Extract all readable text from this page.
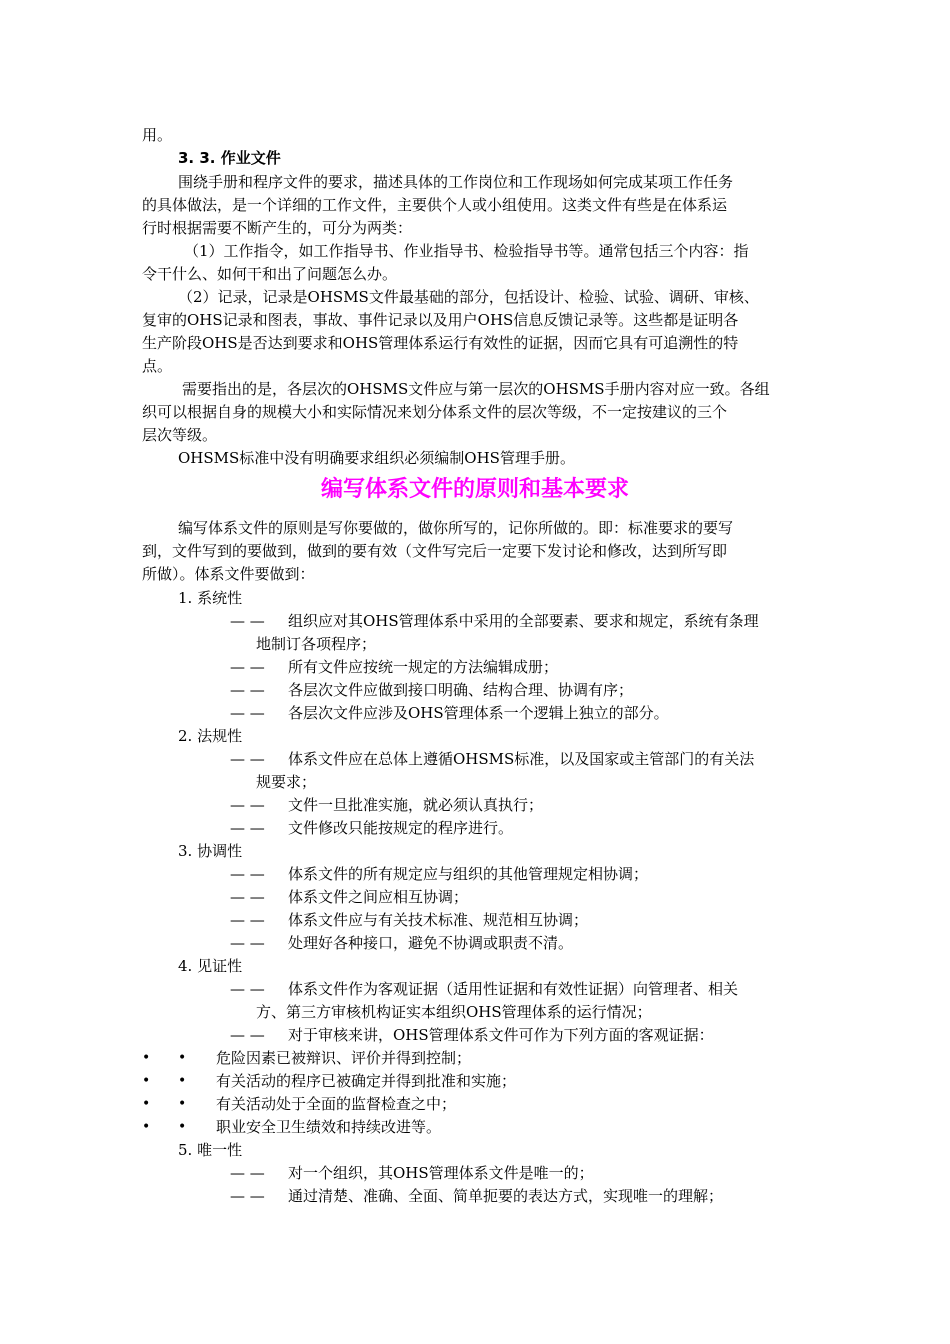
用。
3. 3. 作业文件
围绕手册和程序文件的要求，描述具体的工作岗位和工作现场如何完成某项工作任务
的具体做法，是一个详细的工作文件，主要供个人或小组使用。这类文件有些是在体系运
行时根据需要不断产生的，可分为两类：
（1）工作指令，如工作指导书、作业指导书、检验指导书等。通常包括三个内容：指
令干什么、如何干和出了问题怎么办。
（2）记录，记录是OHSMS文件最基础的部分，包括设计、检验、试验、调研、审核、
复审的OHS记录和图表，事故、事件记录以及用户OHS信息反馈记录等。这些都是证明各
生产阶段OHS是否达到要求和OHS管理体系运行有效性的证据，因而它具有可追溯性的特
点。
需要指出的是，各层次的OHSMS文件应与第一层次的OHSMS手册内容对应一致。各组
织可以根据自身的规模大小和实际情况来划分体系文件的层次等级，不一定按建议的三个
层次等级。
OHSMS标准中没有明确要求组织必须编制OHS管理手册。
编写体系文件的原则和基本要求
编写体系文件的原则是写你要做的，做你所写的，记你所做的。即：标准要求的要写
到，文件写到的要做到，做到的要有效（文件写完后一定要下发讨论和修改，达到所写即
所做）。体系文件要做到：
1. 系统性
— — 组织应对其OHS管理体系中采用的全部要素、要求和规定，系统有条理
地制订各项程序；
— — 所有文件应按统一规定的方法编辑成册；
— — 各层次文件应做到接口明确、结构合理、协调有序；
— — 各层次文件应涉及OHS管理体系一个逻辑上独立的部分。
2. 法规性
— — 体系文件应在总体上遵循OHSMS标准，以及国家或主管部门的有关法
规要求；
— — 文件一旦批准实施，就必须认真执行；
— — 文件修改只能按规定的程序进行。
3. 协调性
— — 体系文件的所有规定应与组织的其他管理规定相协调；
— — 体系文件之间应相互协调；
— — 体系文件应与有关技术标准、规范相互协调；
— — 处理好各种接口，避免不协调或职责不清。
4. 见证性
— — 体系文件作为客观证据（适用性证据和有效性证据）向管理者、相关
方、第三方审核机构证实本组织OHS管理体系的运行情况；
— — 对于审核来讲，OHS管理体系文件可作为下列方面的客观证据：
• • 危险因素已被辩识、评价并得到控制；
• • 有关活动的程序已被确定并得到批准和实施；
• • 有关活动处于全面的监督检查之中；
• • 职业安全卫生绩效和持续改进等。
5. 唯一性
— — 对一个组织，其OHS管理体系文件是唯一的；
— — 通过清楚、准确、全面、简单扼要的表达方式，实现唯一的理解；
